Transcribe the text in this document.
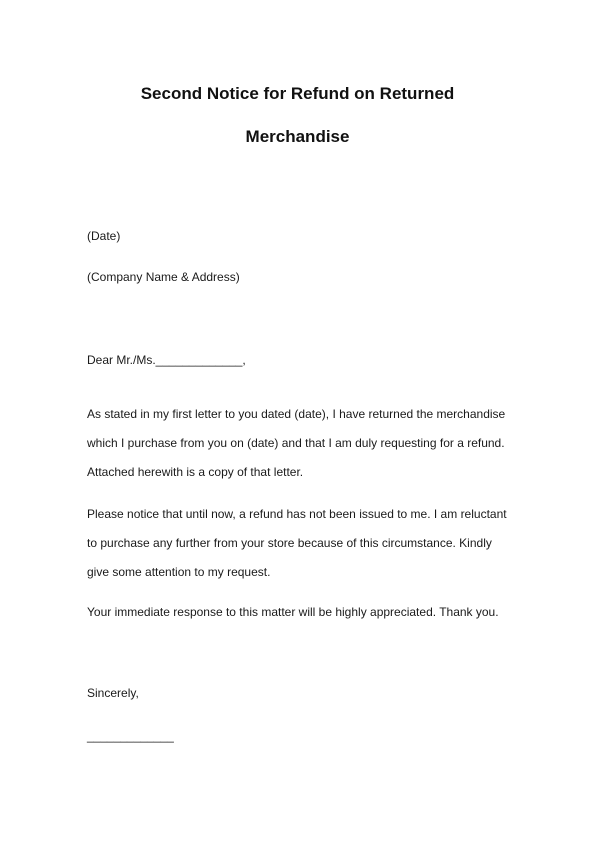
Second Notice for Refund on Returned
Merchandise
(Date)
(Company Name & Address)
Dear Mr./Ms._____________,
As stated in my first letter to you dated (date), I have returned the merchandise
which I purchase from you on (date) and that I am duly requesting for a refund.
Attached herewith is a copy of that letter.
Please notice that until now, a refund has not been issued to me. I am reluctant
to purchase any further from your store because of this circumstance. Kindly
give some attention to my request.
Your immediate response to this matter will be highly appreciated. Thank you.
Sincerely,
_____________
